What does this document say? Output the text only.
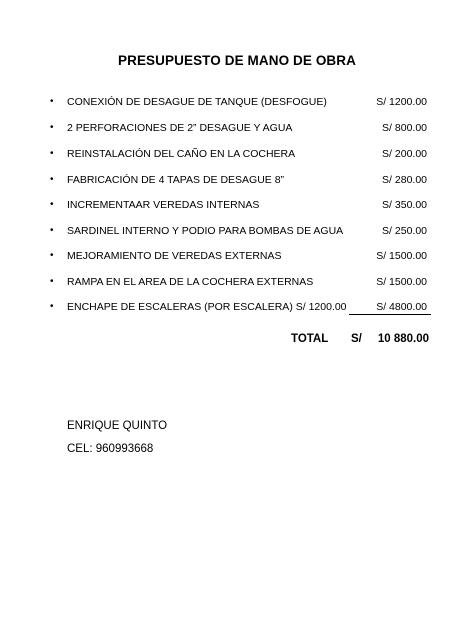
PRESUPUESTO DE MANO DE OBRA
• CONEXIÓN DE DESAGUE DE TANQUE (DESFOGUE)	S/ 1200.00
• 2 PERFORACIONES DE 2” DESAGUE Y AGUA	S/ 800.00
• REINSTALACIÓN DEL CAÑO EN LA COCHERA	S/ 200.00
• FABRICACIÓN DE 4 TAPAS DE DESAGUE 8”	S/ 280.00
• INCREMENTAAR VEREDAS INTERNAS	S/ 350.00
• SARDINEL INTERNO Y PODIO PARA BOMBAS DE AGUA	S/ 250.00
• MEJORAMIENTO DE VEREDAS EXTERNAS	S/ 1500.00
• RAMPA EN EL AREA DE LA COCHERA EXTERNAS	S/ 1500.00
• ENCHAPE DE ESCALERAS (POR ESCALERA) S/ 1200.00	S/ 4800.00
TOTAL S/ 10 880.00
ENRIQUE QUINTO
CEL: 960993668
